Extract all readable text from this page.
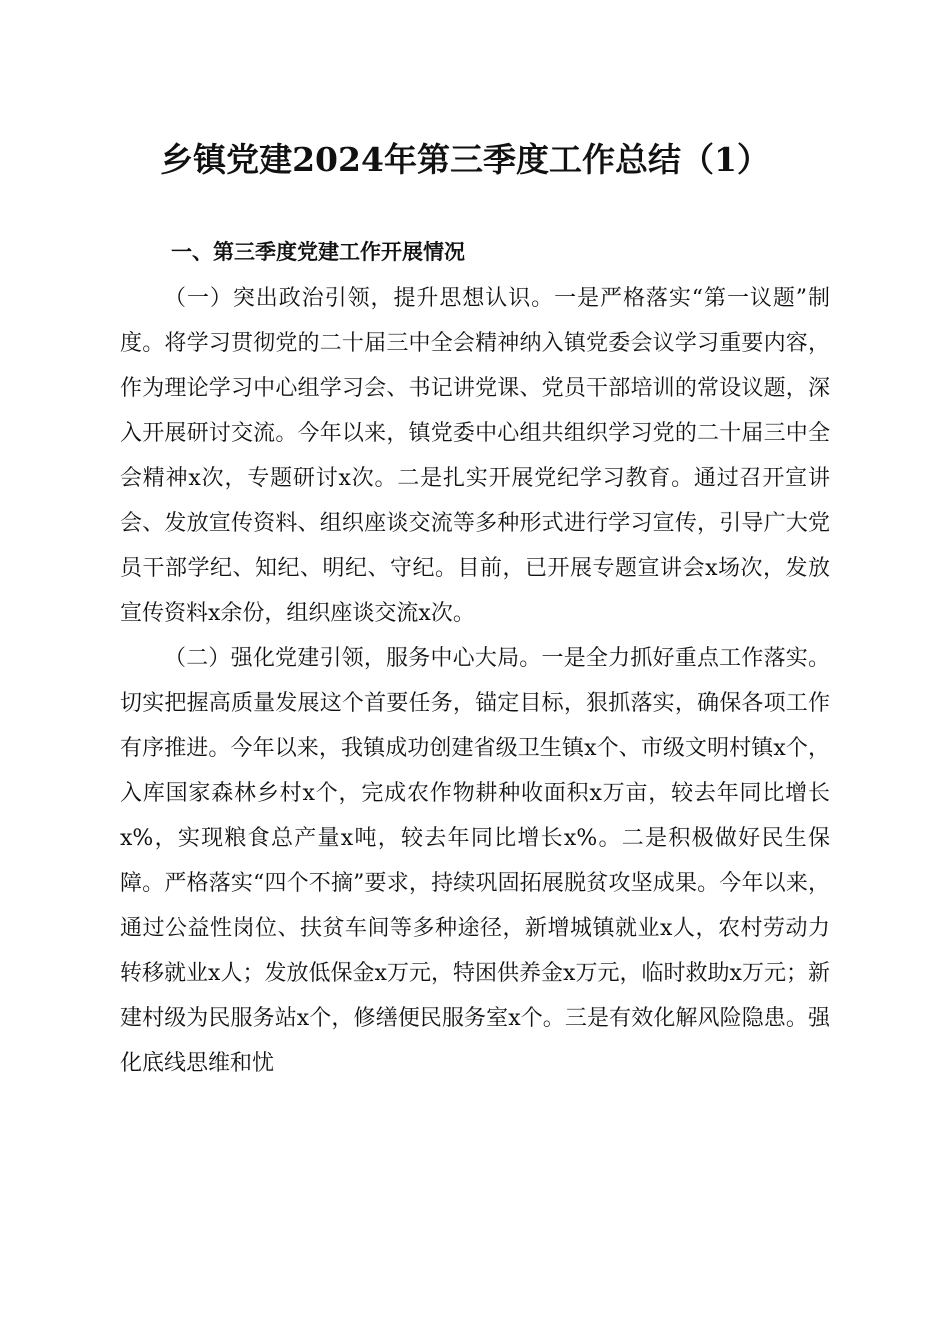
乡镇党建2024年第三季度工作总结（1）
一、第三季度党建工作开展情况

（一）突出政治引领，提升思想认识。一是严格落实“第一议题”制度。将学习贯彻党的二十届三中全会精神纳入镇党委会议学习重要内容，作为理论学习中心组学习会、书记讲党课、党员干部培训的常设议题，深入开展研讨交流。今年以来，镇党委中心组共组织学习党的二十届三中全会精神x次，专题研讨x次。二是扎实开展党纪学习教育。通过召开宣讲会、发放宣传资料、组织座谈交流等多种形式进行学习宣传，引导广大党员干部学纪、知纪、明纪、守纪。目前，已开展专题宣讲会x场次，发放宣传资料x余份，组织座谈交流x次。

（二）强化党建引领，服务中心大局。一是全力抓好重点工作落实。切实把握高质量发展这个首要任务，锚定目标，狠抓落实，确保各项工作有序推进。今年以来，我镇成功创建省级卫生镇x个、市级文明村镇x个，入库国家森林乡村x个，完成农作物耕种收面积x万亩，较去年同比增长x%，实现粮食总产量x吨，较去年同比增长x%。二是积极做好民生保障。严格落实“四个不摘”要求，持续巩固拓展脱贫攻坚成果。今年以来，通过公益性岗位、扶贫车间等多种途径，新增城镇就业x人，农村劳动力转移就业x人；发放低保金x万元，特困供养金x万元，临时救助x万元；新建村级为民服务站x个，修缮便民服务室x个。三是有效化解风险隐患。强化底线思维和忧
